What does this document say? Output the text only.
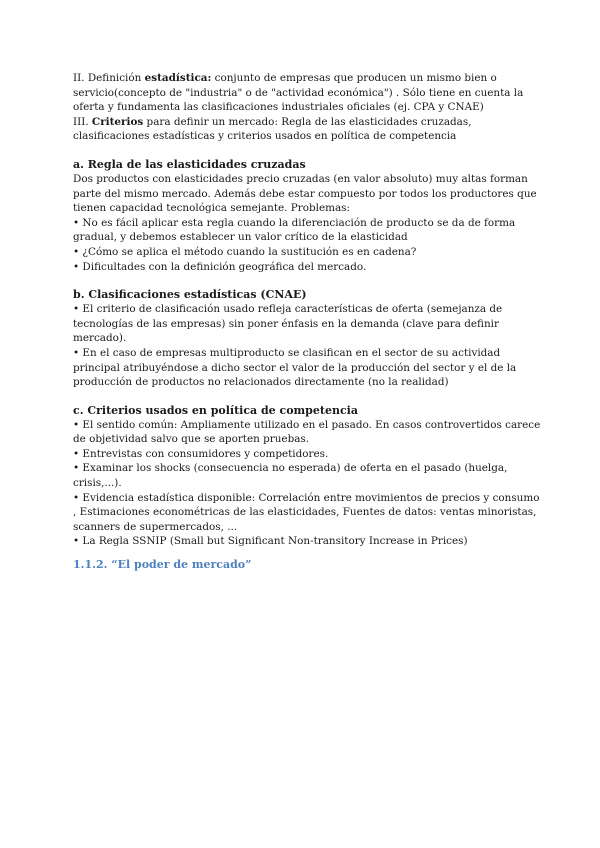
II. Definición estadística: conjunto de empresas que producen un mismo bien o servicio(concepto de "industria" o de "actividad económica") . Sólo tiene en cuenta la oferta y fundamenta las clasificaciones industriales oficiales (ej. CPA y CNAE)

III. Criterios para definir un mercado: Regla de las elasticidades cruzadas, clasificaciones estadísticas y criterios usados en política de competencia

a. Regla de las elasticidades cruzadas

Dos productos con elasticidades precio cruzadas (en valor absoluto) muy altas forman parte del mismo mercado. Además debe estar compuesto por todos los productores que tienen capacidad tecnológica semejante. Problemas:

• No es fácil aplicar esta regla cuando la diferenciación de producto se da de forma gradual, y debemos establecer un valor crítico de la elasticidad

• ¿Cómo se aplica el método cuando la sustitución es en cadena?

• Dificultades con la definición geográfica del mercado.

b. Clasificaciones estadísticas (CNAE)

• El criterio de clasificación usado refleja características de oferta (semejanza de tecnologías de las empresas) sin poner énfasis en la demanda (clave para definir mercado).

• En el caso de empresas multiproducto se clasifican en el sector de su actividad principal atribuyéndose a dicho sector el valor de la producción del sector y el de la producción de productos no relacionados directamente (no la realidad)

c. Criterios usados en política de competencia

• El sentido común: Ampliamente utilizado en el pasado. En casos controvertidos carece de objetividad salvo que se aporten pruebas.

• Entrevistas con consumidores y competidores.

• Examinar los shocks (consecuencia no esperada) de oferta en el pasado (huelga, crisis,...).

• Evidencia estadística disponible: Correlación entre movimientos de precios y consumo , Estimaciones econométricas de las elasticidades, Fuentes de datos: ventas minoristas, scanners de supermercados, ...

• La Regla SSNIP (Small but Significant Non-transitory Increase in Prices)

1.1.2. “El poder de mercado”
